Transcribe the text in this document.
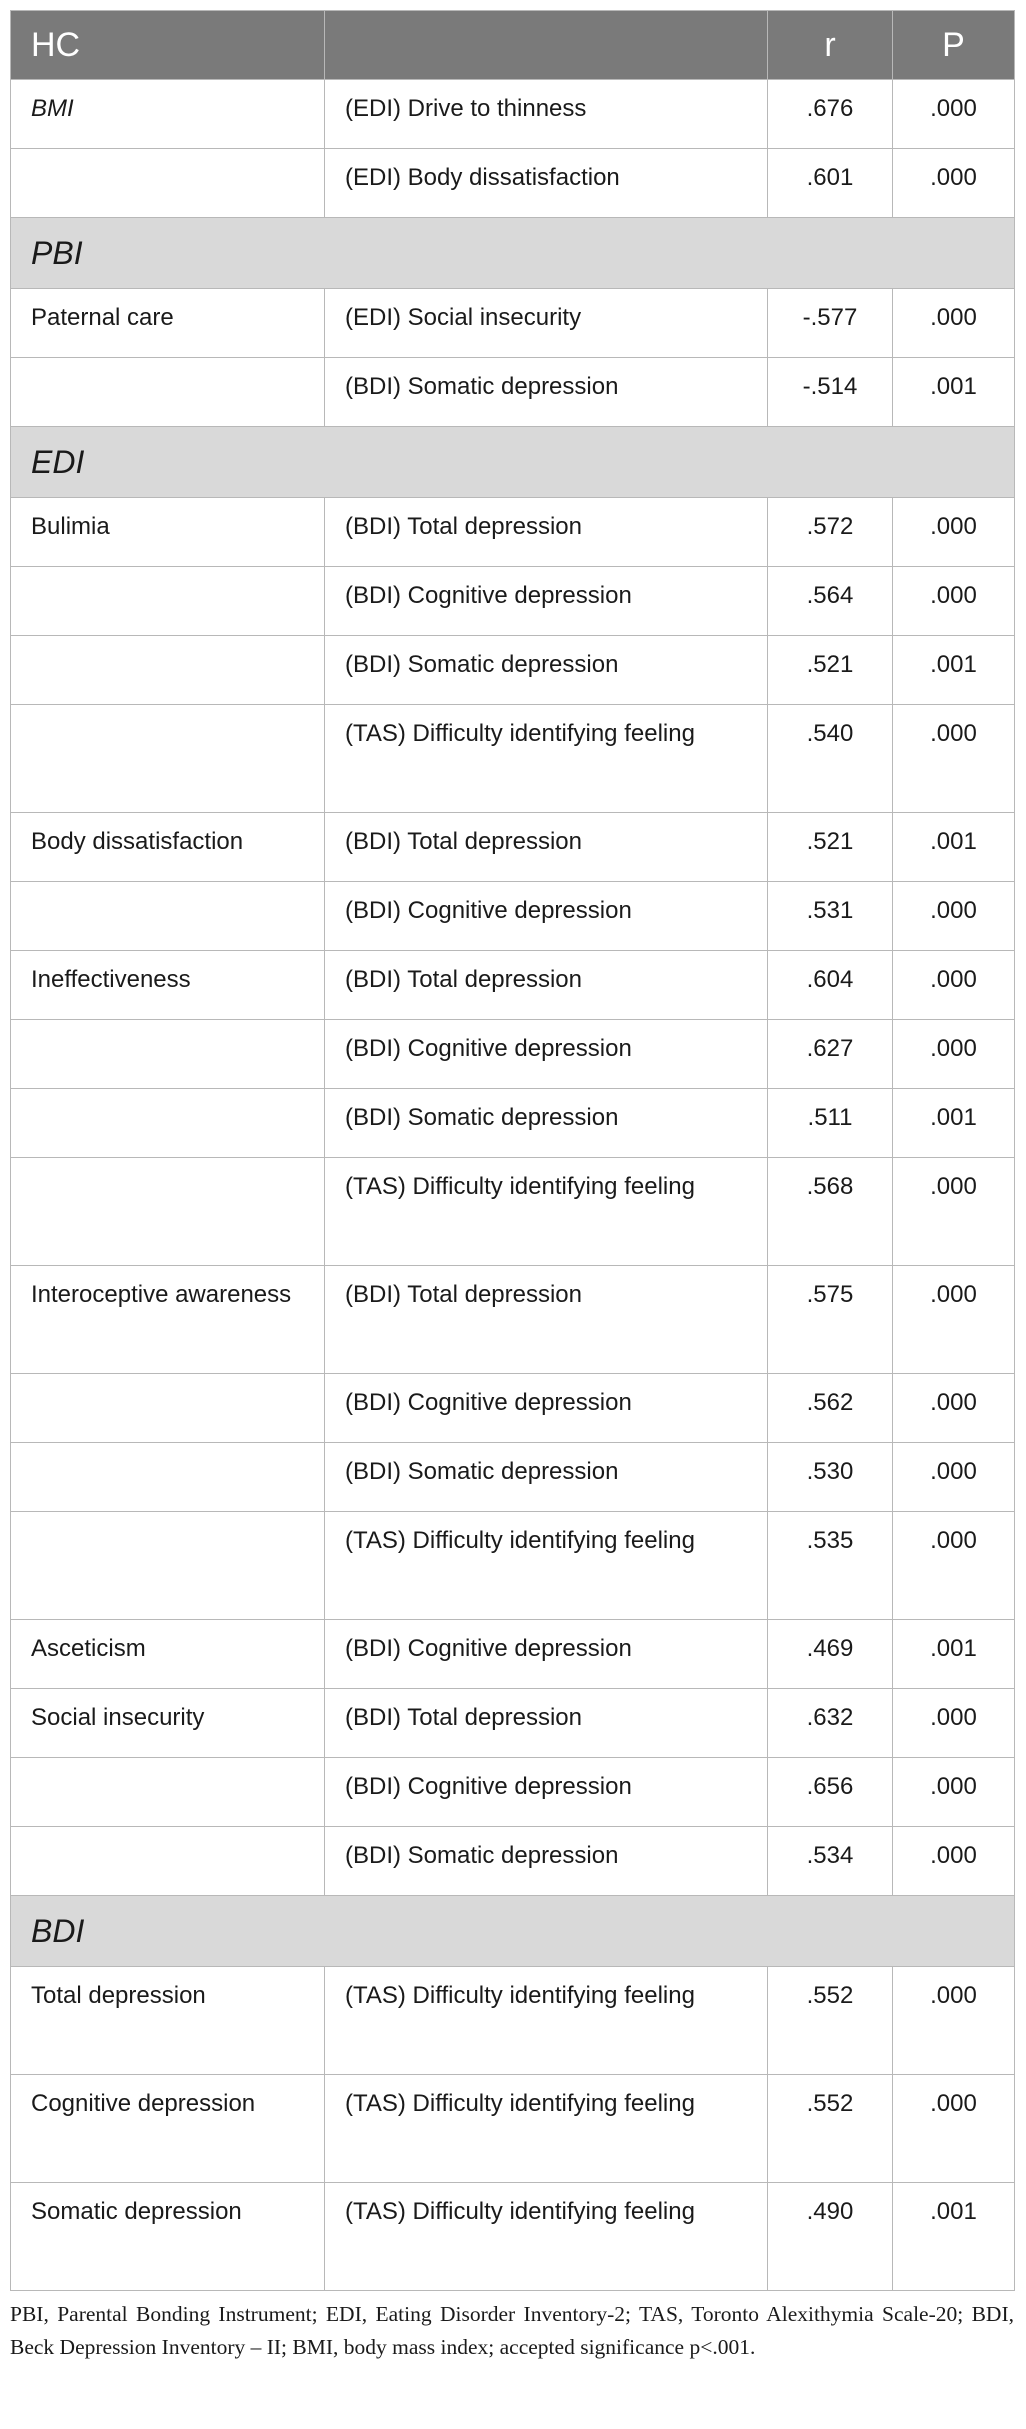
HC		r	P
BMI	(EDI) Drive to thinness	.676	.000
	(EDI) Body dissatisfaction	.601	.000
PBI			
Paternal care	(EDI) Social insecurity	-.577	.000
	(BDI) Somatic depression	-.514	.001
EDI			
Bulimia	(BDI) Total depression	.572	.000
	(BDI) Cognitive depression	.564	.000
	(BDI) Somatic depression	.521	.001
	(TAS) Difficulty identifying feeling	.540	.000
Body dissatisfaction	(BDI) Total depression	.521	.001
	(BDI) Cognitive depression	.531	.000
Ineffectiveness	(BDI) Total depression	.604	.000
	(BDI) Cognitive depression	.627	.000
	(BDI) Somatic depression	.511	.001
	(TAS) Difficulty identifying feeling	.568	.000
Interoceptive awareness	(BDI) Total depression	.575	.000
	(BDI) Cognitive depression	.562	.000
	(BDI) Somatic depression	.530	.000
	(TAS) Difficulty identifying feeling	.535	.000
Asceticism	(BDI) Cognitive depression	.469	.001
Social insecurity	(BDI) Total depression	.632	.000
	(BDI) Cognitive depression	.656	.000
	(BDI) Somatic depression	.534	.000
BDI			
Total depression	(TAS) Difficulty identifying feeling	.552	.000
Cognitive depression	(TAS) Difficulty identifying feeling	.552	.000
Somatic depression	(TAS) Difficulty identifying feeling	.490	.001

PBI, Parental Bonding Instrument; EDI, Eating Disorder Inventory-2; TAS, Toronto Alexithymia Scale-20; BDI, Beck Depression Inventory – II; BMI, body mass index; accepted significance p<.001.
